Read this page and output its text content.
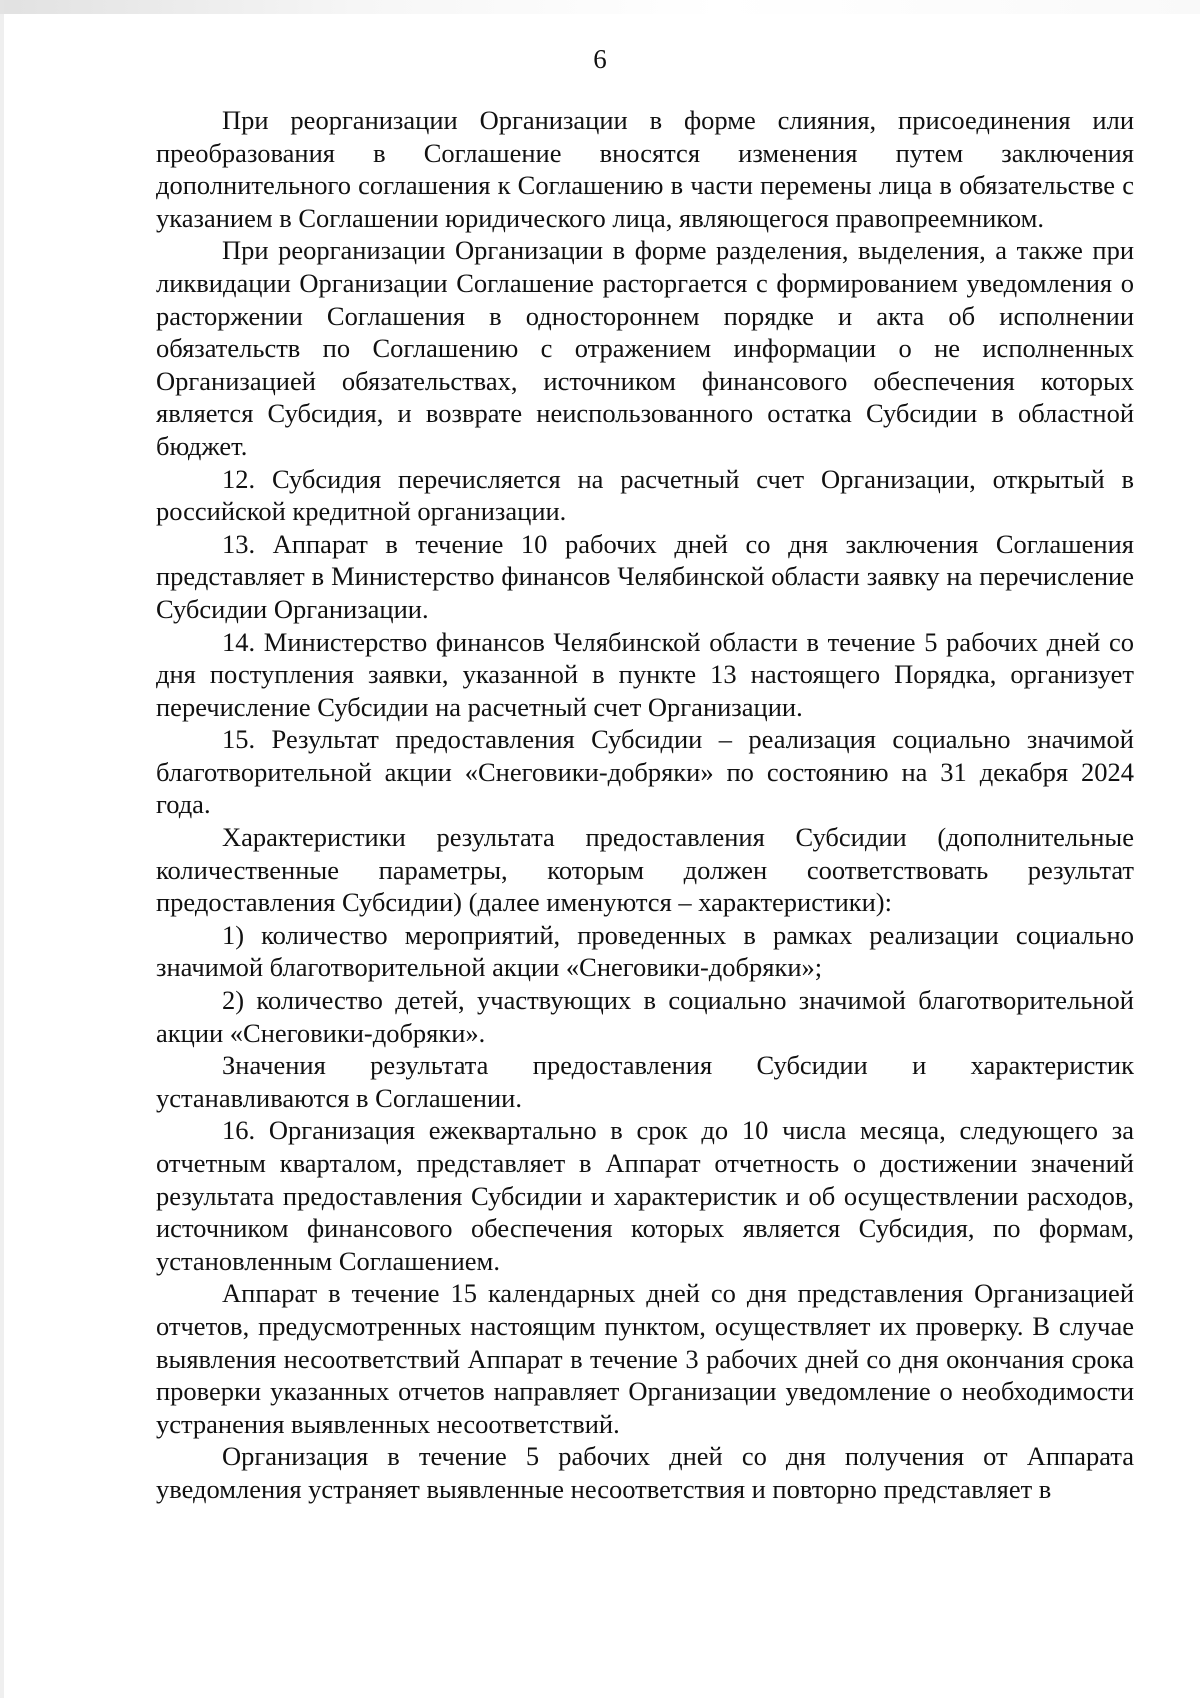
6

При реорганизации Организации в форме слияния, присоединения или преобразования в Соглашение вносятся изменения путем заключения дополнительного соглашения к Соглашению в части перемены лица в обязательстве с указанием в Соглашении юридического лица, являющегося правопреемником.

При реорганизации Организации в форме разделения, выделения, а также при ликвидации Организации Соглашение расторгается с формированием уведомления о расторжении Соглашения в одностороннем порядке и акта об исполнении обязательств по Соглашению с отражением информации о не исполненных Организацией обязательствах, источником финансового обеспечения которых является Субсидия, и возврате неиспользованного остатка Субсидии в областной бюджет.

12. Субсидия перечисляется на расчетный счет Организации, открытый в российской кредитной организации.

13. Аппарат в течение 10 рабочих дней со дня заключения Соглашения представляет в Министерство финансов Челябинской области заявку на перечисление Субсидии Организации.

14. Министерство финансов Челябинской области в течение 5 рабочих дней со дня поступления заявки, указанной в пункте 13 настоящего Порядка, организует перечисление Субсидии на расчетный счет Организации.

15. Результат предоставления Субсидии – реализация социально значимой благотворительной акции «Снеговики-добряки» по состоянию на 31 декабря 2024 года.

Характеристики результата предоставления Субсидии (дополнительные количественные параметры, которым должен соответствовать результат предоставления Субсидии) (далее именуются – характеристики):

1) количество мероприятий, проведенных в рамках реализации социально значимой благотворительной акции «Снеговики-добряки»;

2) количество детей, участвующих в социально значимой благотворительной акции «Снеговики-добряки».

Значения результата предоставления Субсидии и характеристик устанавливаются в Соглашении.

16. Организация ежеквартально в срок до 10 числа месяца, следующего за отчетным кварталом, представляет в Аппарат отчетность о достижении значений результата предоставления Субсидии и характеристик и об осуществлении расходов, источником финансового обеспечения которых является Субсидия, по формам, установленным Соглашением.

Аппарат в течение 15 календарных дней со дня представления Организацией отчетов, предусмотренных настоящим пунктом, осуществляет их проверку. В случае выявления несоответствий Аппарат в течение 3 рабочих дней со дня окончания срока проверки указанных отчетов направляет Организации уведомление о необходимости устранения выявленных несоответствий.

Организация в течение 5 рабочих дней со дня получения от Аппарата уведомления устраняет выявленные несоответствия и повторно представляет в
